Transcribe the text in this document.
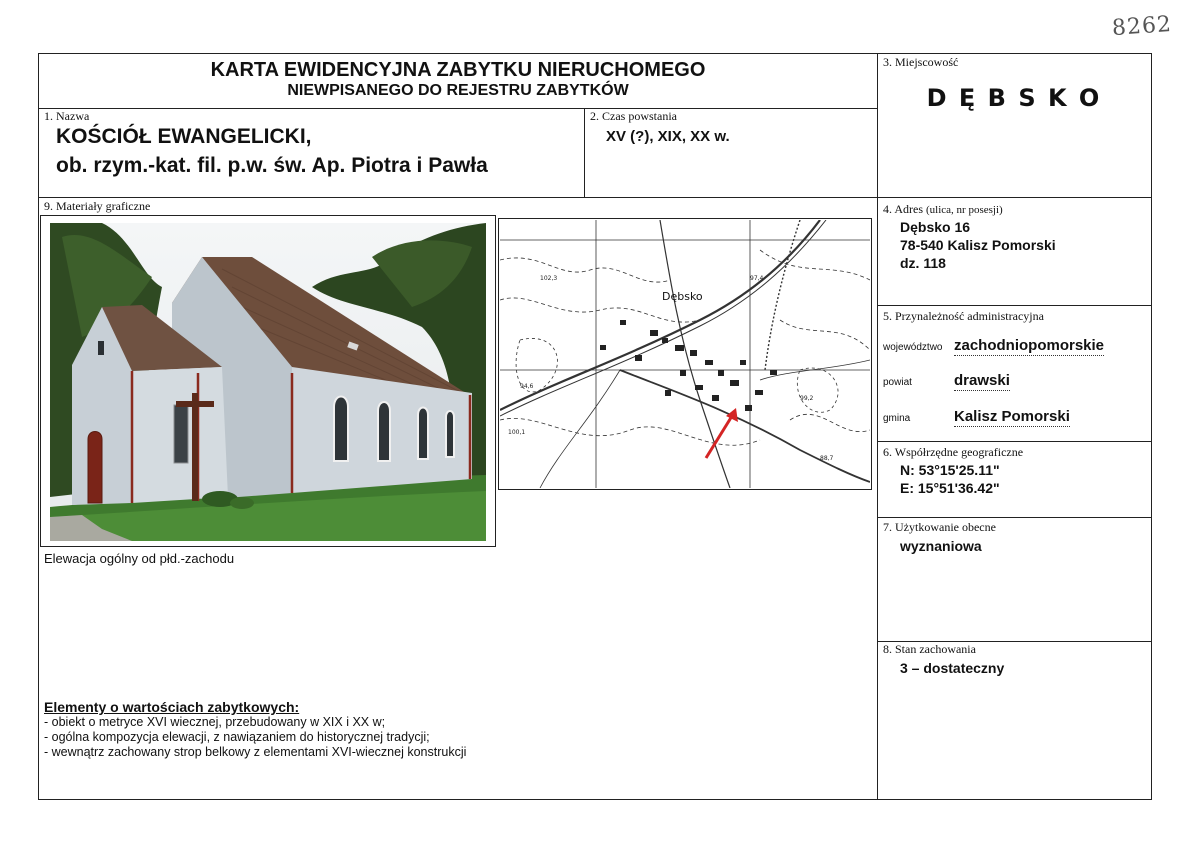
8262
KARTA EWIDENCYJNA ZABYTKU NIERUCHOMEGO
NIEWPISANEGO DO REJESTRU ZABYTKÓW
1. Nazwa
KOŚCIÓŁ EWANGELICKI,
ob. rzym.-kat. fil. p.w. św. Ap. Piotra i Pawła
2. Czas powstania
XV (?), XIX, XX w.
3. Miejscowość
D Ę B S K O
4. Adres (ulica, nr posesji)
Dębsko 16
78-540 Kalisz Pomorski
dz. 118
5. Przynależność administracyjna
województwo zachodniopomorskie
powiat	drawski
gmina	Kalisz Pomorski
6. Współrzędne geograficzne
N: 53°15'25.11"
E: 15°51'36.42"
7. Użytkowanie obecne
wyznaniowa
8. Stan zachowania
3 – dostateczny
9. Materiały graficzne
Elewacja ogólny od płd.-zachodu
94,6
100,1
99,2
88,7
97,4
102,3
Dębsko
Elementy o wartościach zabytkowych:
- obiekt o metryce XVI wiecznej, przebudowany w XIX i XX w;
- ogólna kompozycja elewacji, z nawiązaniem do historycznej tradycji;
- wewnątrz zachowany strop belkowy z elementami XVI-wiecznej konstrukcji
